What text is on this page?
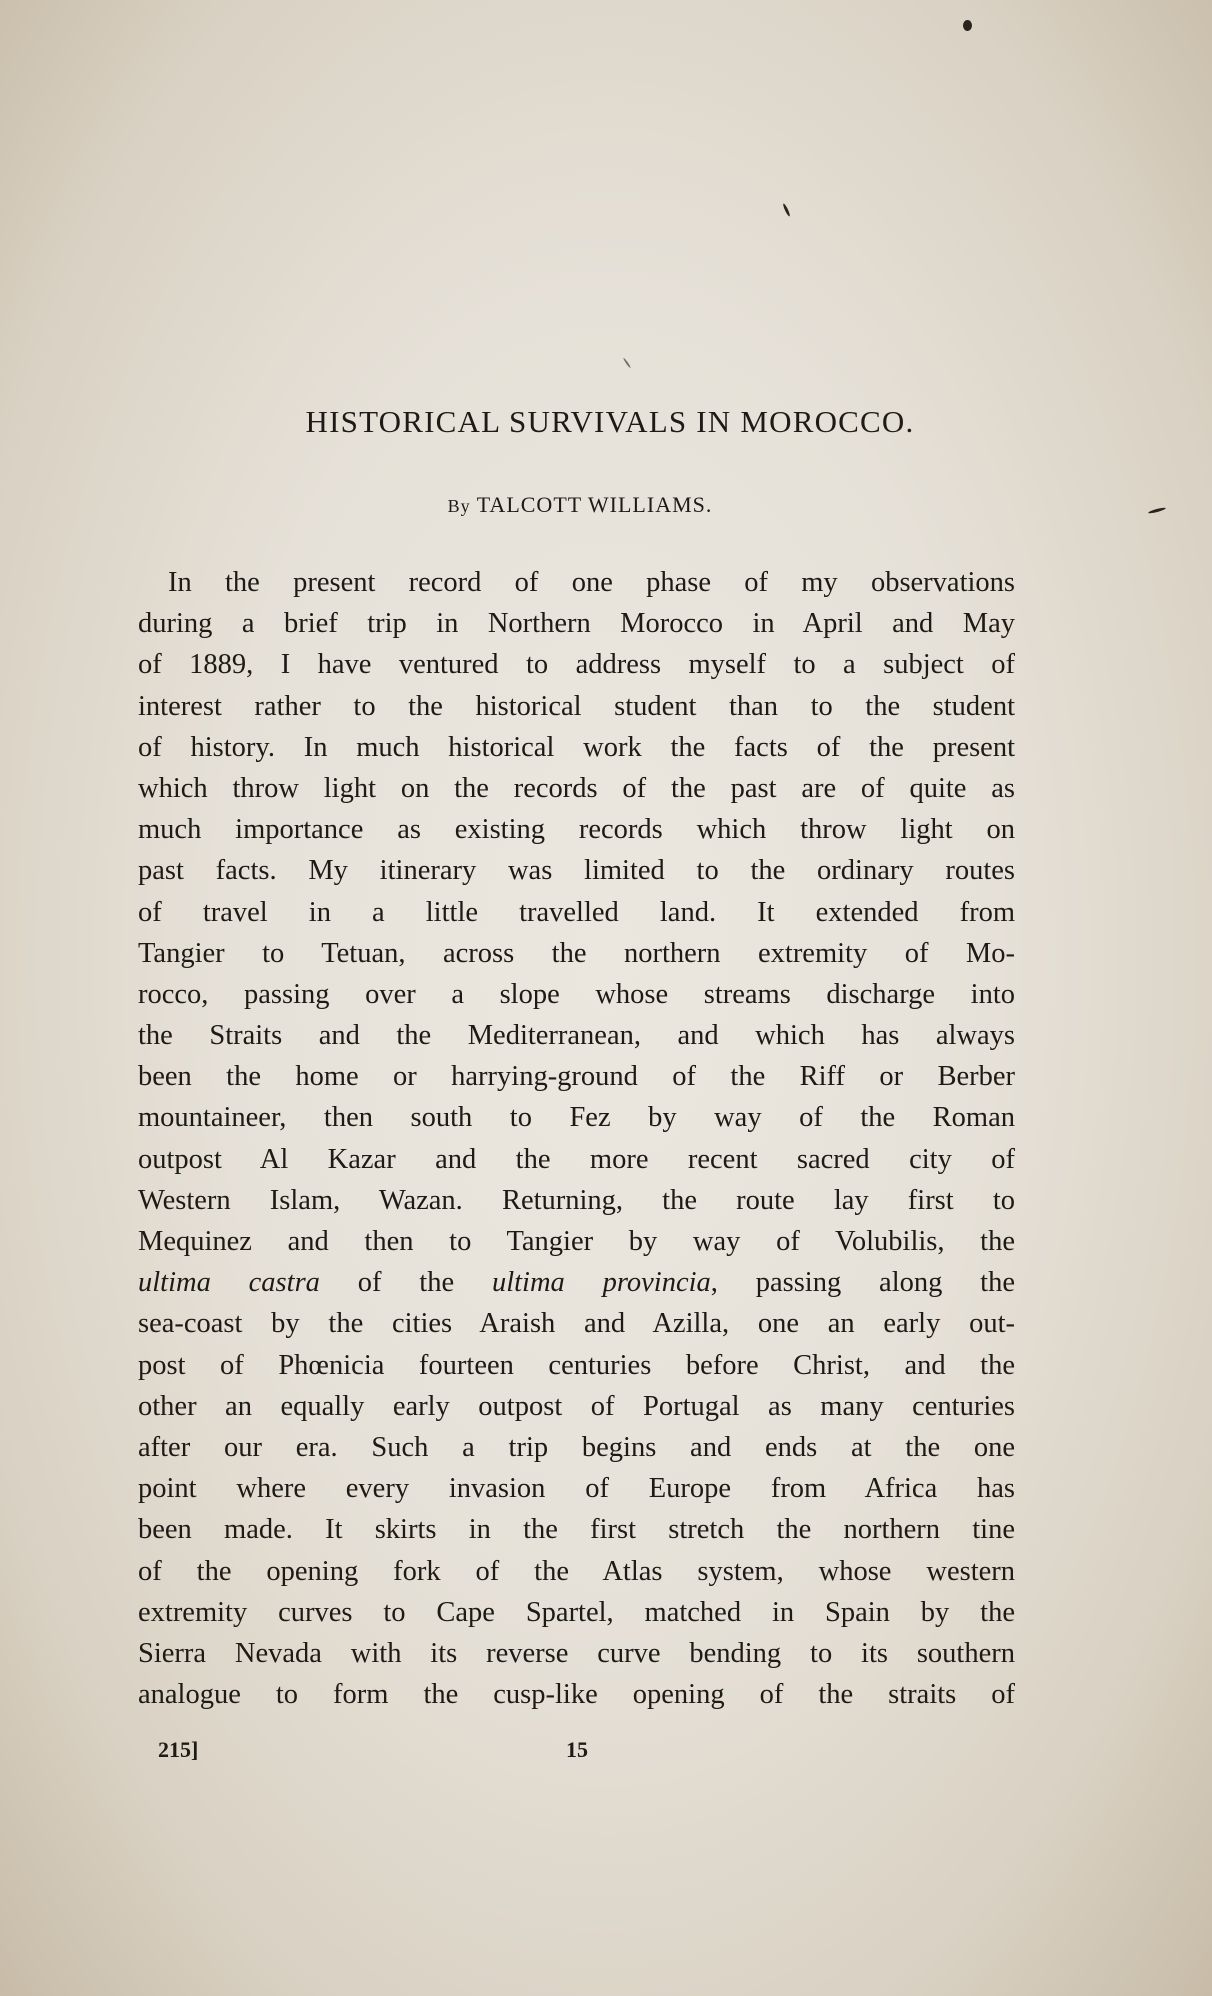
HISTORICAL SURVIVALS IN MOROCCO.
By TALCOTT WILLIAMS.
In the present record of one phase of my observations
during a brief trip in Northern Morocco in April and May
of 1889, I have ventured to address myself to a subject of
interest rather to the historical student than to the student
of history. In much historical work the facts of the present
which throw light on the records of the past are of quite as
much importance as existing records which throw light on
past facts. My itinerary was limited to the ordinary routes
of travel in a little travelled land. It extended from
Tangier to Tetuan, across the northern extremity of Mo-
rocco, passing over a slope whose streams discharge into
the Straits and the Mediterranean, and which has always
been the home or harrying-ground of the Riff or Berber
mountaineer, then south to Fez by way of the Roman
outpost Al Kazar and the more recent sacred city of
Western Islam, Wazan. Returning, the route lay first to
Mequinez and then to Tangier by way of Volubilis, the
ultima castra of the ultima provincia, passing along the
sea-coast by the cities Araish and Azilla, one an early out-
post of Phœnicia fourteen centuries before Christ, and the
other an equally early outpost of Portugal as many centuries
after our era. Such a trip begins and ends at the one
point where every invasion of Europe from Africa has
been made. It skirts in the first stretch the northern tine
of the opening fork of the Atlas system, whose western
extremity curves to Cape Spartel, matched in Spain by the
Sierra Nevada with its reverse curve bending to its southern
analogue to form the cusp-like opening of the straits of
215]	15
